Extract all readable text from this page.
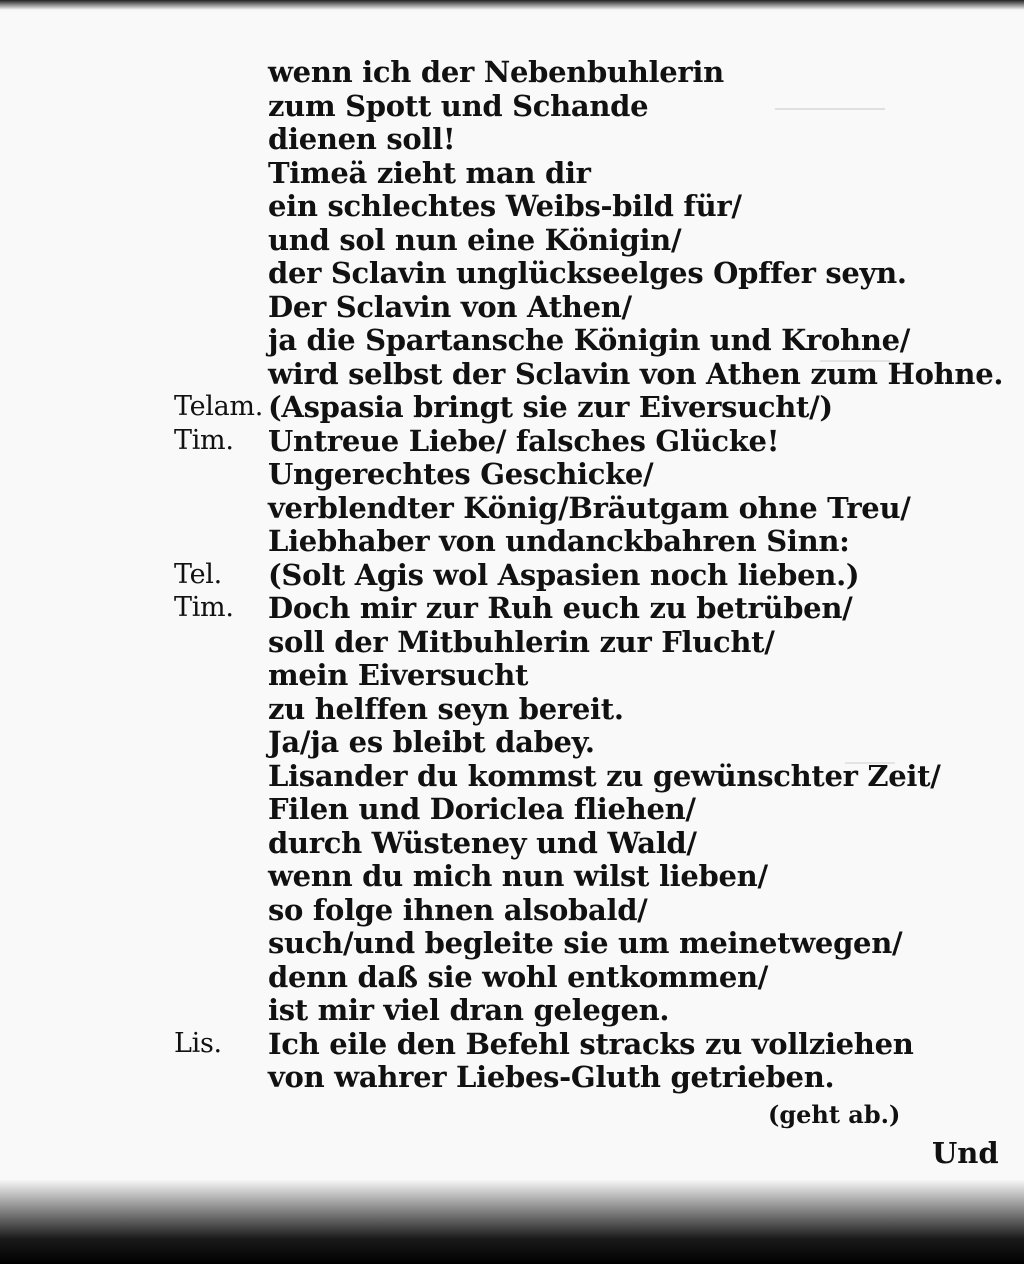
wenn ich der Nebenbuhlerin
zum Spott und Schande
dienen soll!
Timeä zieht man dir
ein schlechtes Weibs-bild für/
und sol nun eine Königin/
der Sclavin unglückseelges Opffer seyn.
Der Sclavin von Athen/
ja die Spartansche Königin und Krohne/
wird selbst der Sclavin von Athen zum Hohne.
Telam. (Aspasia bringt sie zur Eiversucht/)
Tim. Untreue Liebe/ falsches Glücke!
Ungerechtes Geschicke/
verblendter König/Bräutgam ohne Treu/
Liebhaber von undanckbahren Sinn:
Tel. (Solt Agis wol Aspasien noch lieben.)
Tim. Doch mir zur Ruh euch zu betrüben/
soll der Mitbuhlerin zur Flucht/
mein Eiversucht
zu helffen seyn bereit.
Ja/ja es bleibt dabey.
Lisander du kommst zu gewünschter Zeit/
Filen und Doriclea fliehen/
durch Wüsteney und Wald/
wenn du mich nun wilst lieben/
so folge ihnen alsobald/
such/und begleite sie um meinetwegen/
denn daß sie wohl entkommen/
ist mir viel dran gelegen.
Lis. Ich eile den Befehl stracks zu vollziehen
von wahrer Liebes-Gluth getrieben.
(geht ab.)
Und
